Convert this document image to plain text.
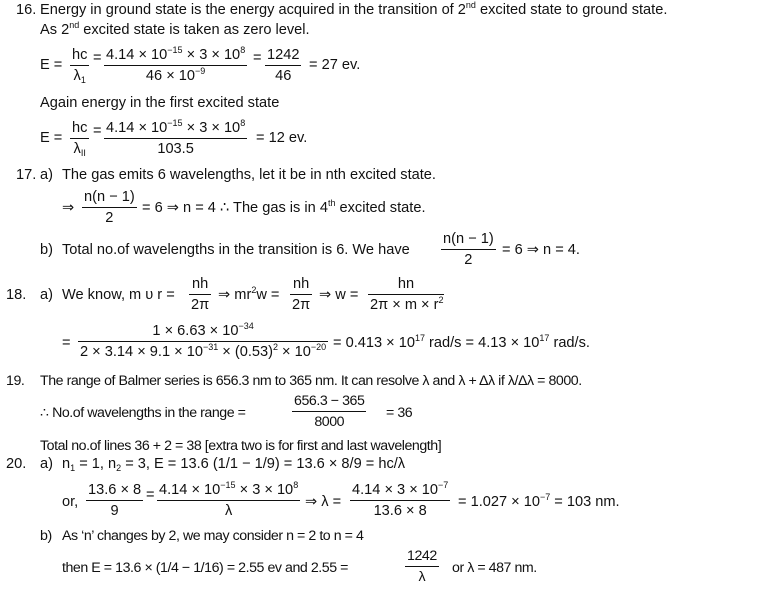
16. Energy in ground state is the energy acquired in the transition of 2nd excited state to ground state.
As 2nd excited state is taken as zero level.
$E = \frac{hc}{\lambda_1} = \frac{4.14 \times 10^{-15} \times 3 \times 10^8}{46 \times 10^{-9}} = \frac{1242}{46} = 27$ ev.
Again energy in the first excited state
E =
hc
$\lambda_{II}$
= $\frac{4.14 \times 10^{-15} \times 3 \times 10^8}{103.5} = 12$ ev.
17. a) The gas emits 6 wavelengths, let it be in nth excited state.
⇒ $\frac{n(n - 1)}{2} = 6$ ⇒ n = 4 ∴ The gas is in 4th excited state.
b) Total no.of wavelengths in the transition is 6. We have $\frac{n(n - 1)}{2} = 6$ ⇒ n = 4.
18. a) We know, m υ $r = \frac{nh}{2\pi}$ ⇒ $mr^2w = \frac{nh}{2\pi}$ ⇒ $w = \frac{hn}{2\pi \times m \times r^2}$
= $\frac{1 \times 6.63 \times 10^{-34}}{2 \times 3.14 \times 9.1 \times 10^{-31} \times (0.53)^2 \times 10^{-20}} = 0.413 \times 10^{17}$ $rad/s = 4.13 \times 10^{17}$ rad/s.
19. The range of Balmer series is 656.3 nm to 365 nm. It can resolve λ and λ + Δλ if λ/Δλ = 8000.
∴ No.of wavelengths in the range =	$\frac{656.3 - 365}{8000} = 36$
Total no.of lines 36 + 2 = 38 [extra two is for first and last wavelength]
20. a) $n_1 = 1$, $n_2 = 3$, E = 13.6 (1/1 − 1/9) = 13.6 × 8/9 = hc/λ
or, $\frac{13.6 \times 8}{9} = \frac{4.14 \times 10^{-15} \times 3 \times 10^8}{\lambda}$ ⇒ $\lambda = \frac{4.14 \times 3 \times 10^{-7}}{13.6 \times 8} = 1.027 \times 10^{-7} = 103$ nm.
b) As ‘n’ changes by 2, we may consider n = 2 to n = 4
then E = 13.6 × (1/4 − 1/16) = 2.55 ev and 2.55 =	$\frac{1242}{\lambda}$ or λ = 487 nm.
